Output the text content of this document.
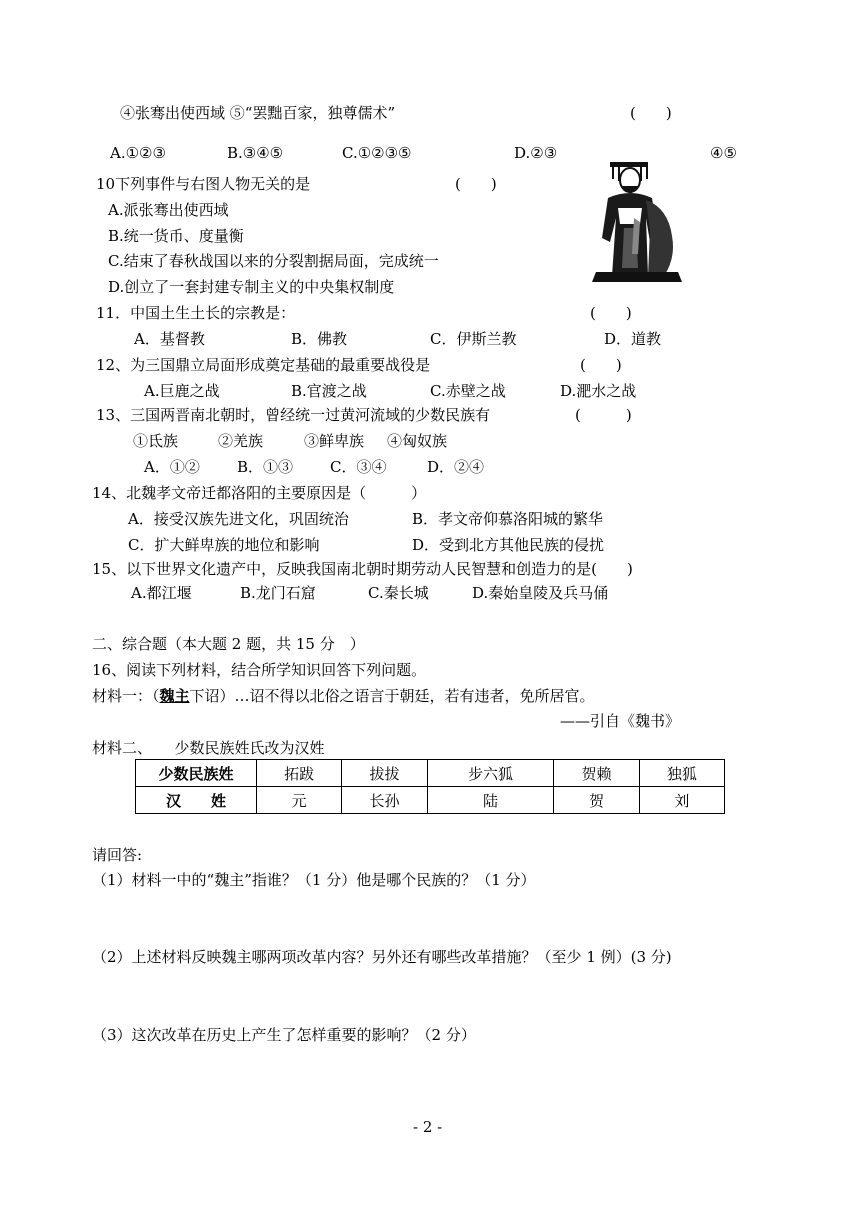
④张骞出使西域 ⑤“罢黜百家，独尊儒术”	(　　)
A.①②③	B.③④⑤	C.①②③⑤	D.②③	④⑤
10下列事件与右图人物无关的是	(　　)
A.派张骞出使西域
B.统一货币、度量衡
C.结束了春秋战国以来的分裂割据局面，完成统一
D.创立了一套封建专制主义的中央集权制度
11．中国土生土长的宗教是：	(　　)
A．基督教	B．佛教	C．伊斯兰教	D．道教
12、为三国鼎立局面形成奠定基础的最重要战役是	(　　)
A.巨鹿之战	B.官渡之战	C.赤壁之战	D.淝水之战
13、三国两晋南北朝时，曾经统一过黄河流域的少数民族有	(　　　)
①氐族	②羌族	③鲜卑族 ④匈奴族
A．①② B．①③ C．③④	D．②④
14、北魏孝文帝迁都洛阳的主要原因是（　　　）
A．接受汉族先进文化，巩固统治	B．孝文帝仰慕洛阳城的繁华
C．扩大鲜卑族的地位和影响	D．受到北方其他民族的侵扰
15、以下世界文化遗产中，反映我国南北朝时期劳动人民智慧和创造力的是(　　)
A.都江堰	B.龙门石窟	C.秦长城	D.秦始皇陵及兵马俑
二、综合题（本大题 2 题，共 15 分　）
16、阅读下列材料，结合所学知识回答下列问题。
材料一：（魏主下诏）…诏不得以北俗之语言于朝廷，若有违者，免所居官。
——引自《魏书》
材料二、　　少数民族姓氏改为汉姓
少数民族姓	拓跋	拔拔	步六狐	贺赖	独狐
汉　　姓	元	长孙	陆	贺	刘
请回答:
（1）材料一中的“魏主”指谁？（1 分）他是哪个民族的？（1 分）
（2）上述材料反映魏主哪两项改革内容？另外还有哪些改革措施？（至少 1 例）(3 分)
（3）这次改革在历史上产生了怎样重要的影响？（2 分）
- 2 -
